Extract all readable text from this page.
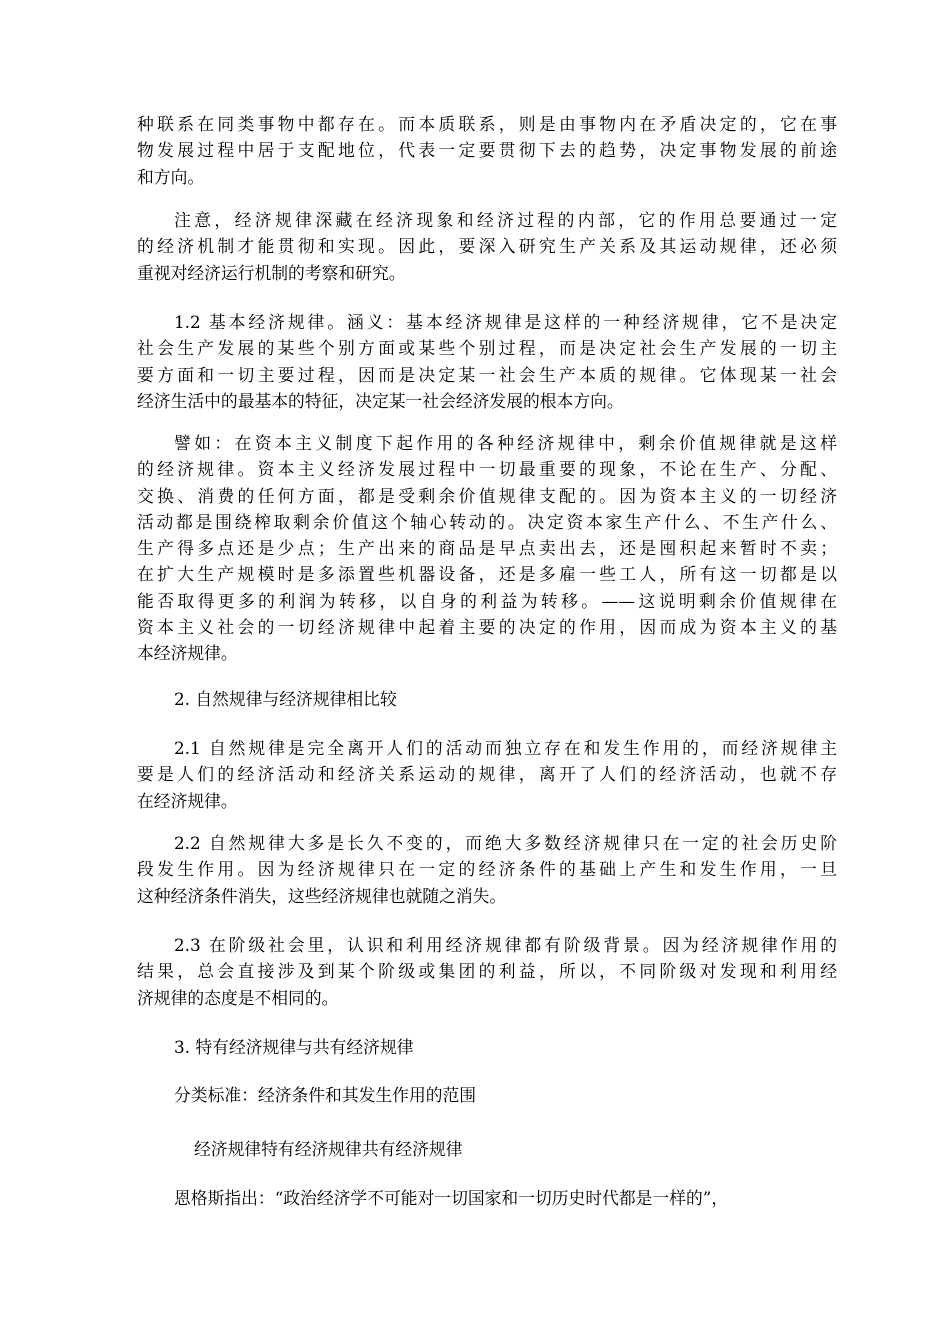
种联系在同类事物中都存在。而本质联系，则是由事物内在矛盾决定的，它在事
物发展过程中居于支配地位，代表一定要贯彻下去的趋势，决定事物发展的前途
和方向。
注意，经济规律深藏在经济现象和经济过程的内部，它的作用总要通过一定
的经济机制才能贯彻和实现。因此，要深入研究生产关系及其运动规律，还必须
重视对经济运行机制的考察和研究。
1.2 基本经济规律。涵义：基本经济规律是这样的一种经济规律，它不是决定
社会生产发展的某些个别方面或某些个别过程，而是决定社会生产发展的一切主
要方面和一切主要过程，因而是决定某一社会生产本质的规律。它体现某一社会
经济生活中的最基本的特征，决定某一社会经济发展的根本方向。
譬如：在资本主义制度下起作用的各种经济规律中，剩余价值规律就是这样
的经济规律。资本主义经济发展过程中一切最重要的现象，不论在生产、分配、
交换、消费的任何方面，都是受剩余价值规律支配的。因为资本主义的一切经济
活动都是围绕榨取剩余价值这个轴心转动的。决定资本家生产什么、不生产什么、
生产得多点还是少点；生产出来的商品是早点卖出去，还是囤积起来暂时不卖；
在扩大生产规模时是多添置些机器设备，还是多雇一些工人，所有这一切都是以
能否取得更多的利润为转移，以自身的利益为转移。——这说明剩余价值规律在
资本主义社会的一切经济规律中起着主要的决定的作用，因而成为资本主义的基
本经济规律。
2. 自然规律与经济规律相比较
2.1 自然规律是完全离开人们的活动而独立存在和发生作用的，而经济规律主
要是人们的经济活动和经济关系运动的规律，离开了人们的经济活动，也就不存
在经济规律。
2.2 自然规律大多是长久不变的，而绝大多数经济规律只在一定的社会历史阶
段发生作用。因为经济规律只在一定的经济条件的基础上产生和发生作用，一旦
这种经济条件消失，这些经济规律也就随之消失。
2.3 在阶级社会里，认识和利用经济规律都有阶级背景。因为经济规律作用的
结果，总会直接涉及到某个阶级或集团的利益，所以，不同阶级对发现和利用经
济规律的态度是不相同的。
3. 特有经济规律与共有经济规律
分类标准：经济条件和其发生作用的范围
经济规律特有经济规律共有经济规律
恩格斯指出：“政治经济学不可能对一切国家和一切历史时代都是一样的”，
